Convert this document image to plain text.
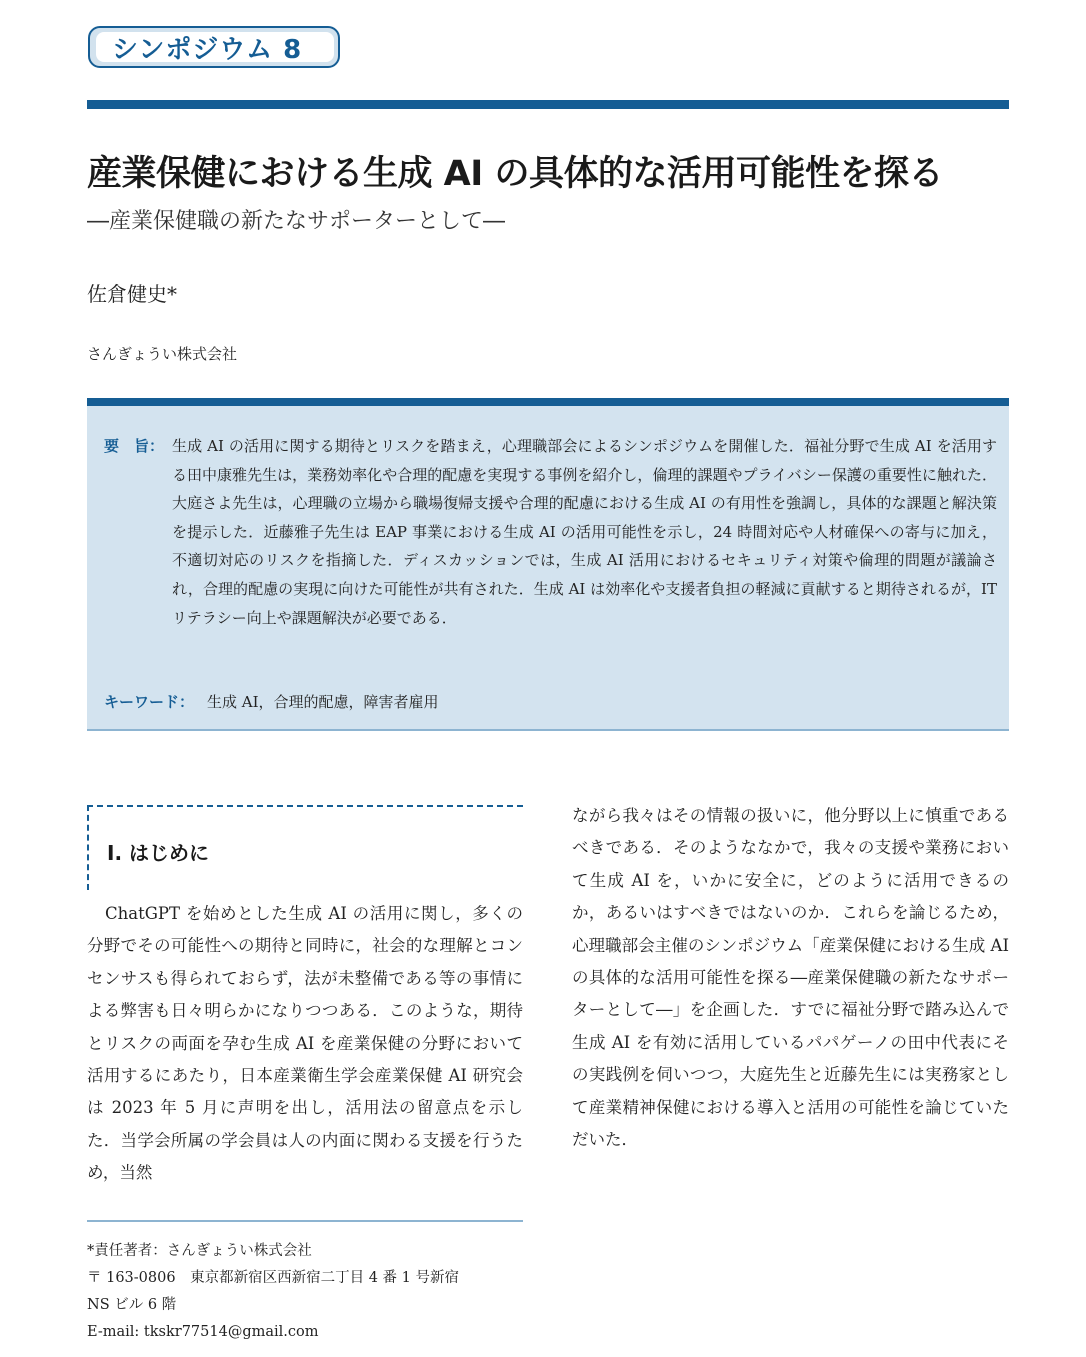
シンポジウム 8
産業保健における生成 AI の具体的な活用可能性を探る

―産業保健職の新たなサポーターとして―

佐倉健史*

さんぎょうい株式会社

要　旨： 生成 AI の活用に関する期待とリスクを踏まえ，心理職部会によるシンポジウムを開催した．福祉分野で生成 AI を活用する田中康雅先生は，業務効率化や合理的配慮を実現する事例を紹介し，倫理的課題やプライバシー保護の重要性に触れた．大庭さよ先生は，心理職の立場から職場復帰支援や合理的配慮における生成 AI の有用性を強調し，具体的な課題と解決策を提示した．近藤雅子先生は EAP 事業における生成 AI の活用可能性を示し，24 時間対応や人材確保への寄与に加え，不適切対応のリスクを指摘した．ディスカッションでは，生成 AI 活用におけるセキュリティ対策や倫理的問題が議論され，合理的配慮の実現に向けた可能性が共有された．生成 AI は効率化や支援者負担の軽減に貢献すると期待されるが，IT リテラシー向上や課題解決が必要である．

キーワード： 生成 AI，合理的配慮，障害者雇用
I. はじめに

ChatGPT を始めとした生成 AI の活用に関し，多くの分野でその可能性への期待と同時に，社会的な理解とコンセンサスも得られておらず，法が未整備である等の事情による弊害も日々明らかになりつつある．このような，期待とリスクの両面を孕む生成 AI を産業保健の分野において活用するにあたり，日本産業衛生学会産業保健 AI 研究会は 2023 年 5 月に声明を出し，活用法の留意点を示した．当学会所属の学会員は人の内面に関わる支援を行うため，当然

ながら我々はその情報の扱いに，他分野以上に慎重であるべきである．そのようななかで，我々の支援や業務において生成 AI を，いかに安全に，どのように活用できるのか，あるいはすべきではないのか．これらを論じるため，心理職部会主催のシンポジウム「産業保健における生成 AI の具体的な活用可能性を探る―産業保健職の新たなサポーターとして―」を企画した．すでに福祉分野で踏み込んで生成 AI を有効に活用しているパパゲーノの田中代表にその実践例を伺いつつ，大庭先生と近藤先生には実務家として産業精神保健における導入と活用の可能性を論じていただいた．

*責任著者：さんぎょうい株式会社
〒 163-0806　東京都新宿区西新宿二丁目 4 番 1 号新宿
NS ビル 6 階
E-mail: tkskr77514@gmail.com
